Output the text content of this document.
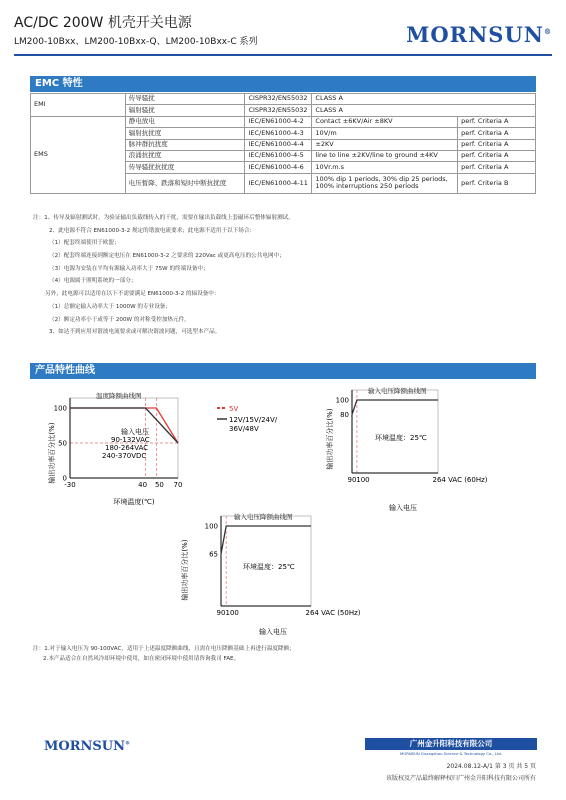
AC/DC 200W 机壳开关电源
LM200-10Bxx、LM200-10Bxx-Q、LM200-10Bxx-C 系列	MORNSUN®
EMC 特性
EMI	传导骚扰	CISPR32/EN55032	CLASS A	
	辐射骚扰	CISPR32/EN55032	CLASS A	
EMS	静电放电	IEC/EN61000-4-2	Contact ±6KV/Air ±8KV	perf. Criteria A
	辐射抗扰度	IEC/EN61000-4-3	10V/m	perf. Criteria A
	脉冲群抗扰度	IEC/EN61000-4-4	±2KV	perf. Criteria A
	浪涌抗扰度	IEC/EN61000-4-5	line to line ±2KV/line to ground ±4KV	perf. Criteria A
	传导骚扰抗扰度	IEC/EN61000-4-6	10Vr.m.s	perf. Criteria A
	电压暂降、跌落和短时中断抗扰度	IEC/EN61000-4-11	100% dip 1 periods, 30% dip 25 periods,
100% interruptions 250 periods	perf. Criteria B
注：1、传导及辐射测试时，为验证输出负载线传入的干扰，需要在输出负载线上套磁环后整体辐射测试。
2、此电源不符合 EN61000-3-2 规定的谐波电流要求；此电源不适用于以下场合：
（1）配套终端使用于欧盟；
（2）配套终端连接到额定电压在 EN61000-3-2 之要求的 220Vac 或更高电压的公共电网中；
（3）电源为安装在平均有源输入功率大于 75W 的终端设备中；
（4）电源属于照明系统的一部分；
另外，此电源可以适用在以下不需要满足 EN61000-3-2 的辐设备中：
（1）总额定输入功率大于 1000W 的专业设备；
（2）额定功率小于或等于 200W 的对称受控加热元件。
3、如达不到应用对谐波电流要求或可解决谐波问题，可选型本产品。
产品特性曲线
温度降额曲线图
输出功率百分比(%)
环境温度(℃)
100
50
0
-30	40 50 70
输入电压
90-132VAC
180-264VAC
240-370VDC
5V
12V/15V/24V/
36V/48V
输入电压降额曲线图
输出功率百分比(%)
输入电压
100
80
90 100	264 VAC (60Hz)
环境温度：25℃
输入电压降额曲线图
输出功率百分比(%)
输入电压
100
65
90 100	264 VAC (50Hz)
环境温度：25℃
注：1.对于输入电压为 90-100VAC，适用于上述温度降额曲线，且需在电压降额基础上再进行温度降额；
2.本产品适合在自然风冷却环境中使用，如在密闭环境中使用请咨询我司 FAE。
MORNSUN®	广州金升阳科技有限公司
MORNSUN Guangzhou Science & Technology Co., Ltd.
2024.08.12-A/1 第 3 页 共 5 页
该版权及产品最终解释权归广州金升阳科技有限公司所有
